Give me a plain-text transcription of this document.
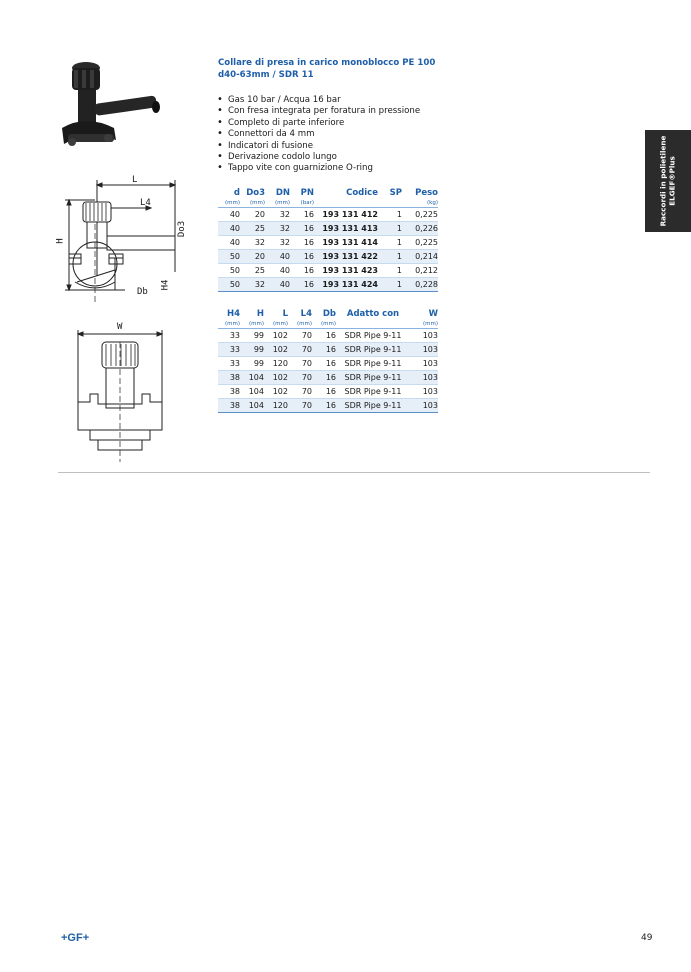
L
L4
H
Do3
H4
Db
W
Collare di presa in carico monoblocco PE 100
d40-63mm / SDR 11
• Gas 10 bar / Acqua 16 bar
• Con fresa integrata per foratura in pressione
• Completo di parte inferiore
• Connettori da 4 mm
• Indicatori di fusione
• Derivazione codolo lungo
• Tappo vite con guarnizione O-ring
d	Do3	DN	PN	Codice	SP	Peso
(mm)	(mm)	(mm)	(bar)			(kg)
40	20	32	16	193 131 412	1	0,225
40	25	32	16	193 131 413	1	0,226
40	32	32	16	193 131 414	1	0,225
50	20	40	16	193 131 422	1	0,214
50	25	40	16	193 131 423	1	0,212
50	32	40	16	193 131 424	1	0,228
H4	H	L	L4	Db	Adatto con	W
(mm)	(mm)	(mm)	(mm)	(mm)		(mm)
33	99	102	70	16	SDR Pipe 9-11	103
33	99	102	70	16	SDR Pipe 9-11	103
33	99	120	70	16	SDR Pipe 9-11	103
38	104	102	70	16	SDR Pipe 9-11	103
38	104	102	70	16	SDR Pipe 9-11	103
38	104	120	70	16	SDR Pipe 9-11	103
Raccordi in polietilene ELGEF®Plus
+GF+	49
